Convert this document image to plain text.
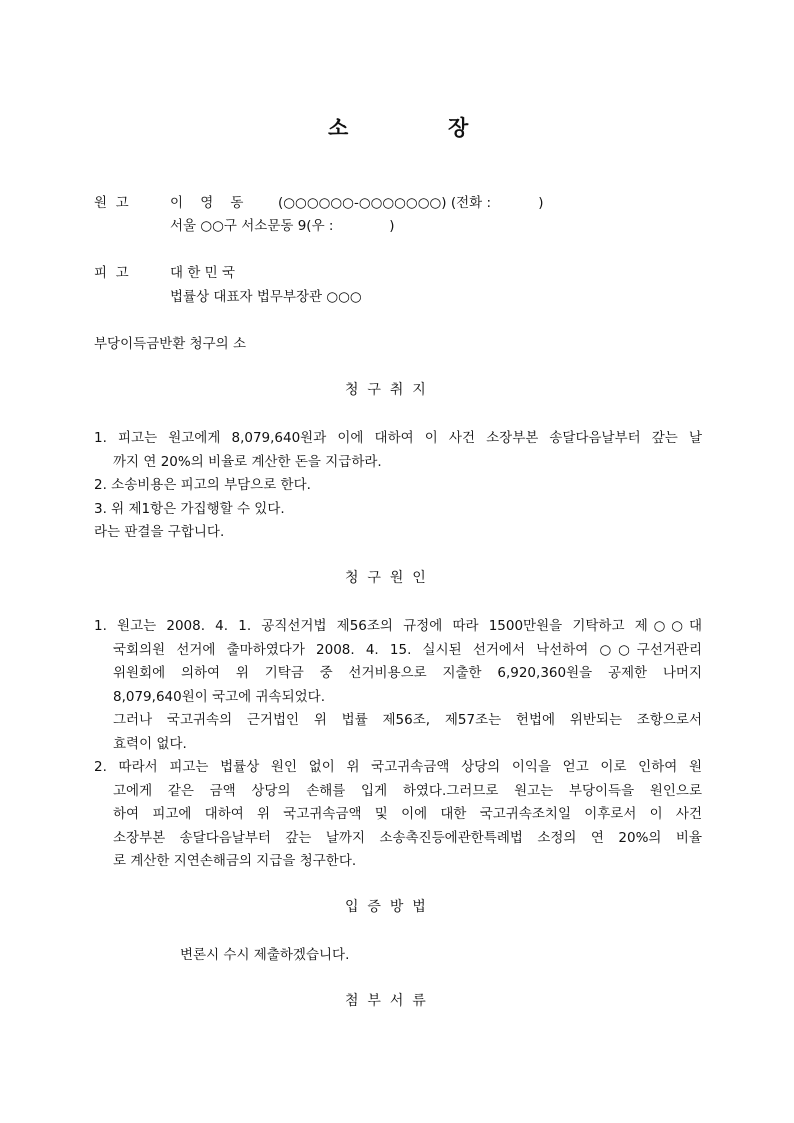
소	장
원  고	이    영    동	(○○○○○○-○○○○○○○) (전화 :           )
서울 ○○구 서소문동 9(우 :             )
피  고	대 한 민 국
법률상 대표자 법무부장관 ○○○
부당이득금반환 청구의 소
청  구  취  지
1. 피고는 원고에게 8,079,640원과 이에 대하여 이 사건 소장부본 송달다음날부터 갚는 날
까지 연 20%의 비율로 계산한 돈을 지급하라.
2. 소송비용은 피고의 부담으로 한다.
3. 위 제1항은 가집행할 수 있다.
라는 판결을 구합니다.
청  구  원  인
1. 원고는 2008. 4. 1. 공직선거법 제56조의 규정에 따라 1500만원을 기탁하고 제○○대
국회의원 선거에 출마하였다가 2008. 4. 15. 실시된 선거에서 낙선하여 ○○구선거관리
위원회에 의하여 위 기탁금 중 선거비용으로 지출한 6,920,360원을 공제한 나머지
8,079,640원이 국고에 귀속되었다.
그러나 국고귀속의 근거법인 위 법률 제56조, 제57조는 헌법에 위반되는 조항으로서
효력이 없다.
2. 따라서 피고는 법률상 원인 없이 위 국고귀속금액 상당의 이익을 얻고 이로 인하여 원
고에게 같은 금액 상당의 손해를 입게 하였다.그러므로 원고는 부당이득을 원인으로
하여 피고에 대하여 위 국고귀속금액 및 이에 대한 국고귀속조치일 이후로서 이 사건
소장부본 송달다음날부터 갚는 날까지 소송촉진등에관한특례법 소정의 연 20%의 비율
로 계산한 지연손해금의 지급을 청구한다.
입  증  방  법
변론시 수시 제출하겠습니다.
첨  부  서  류
